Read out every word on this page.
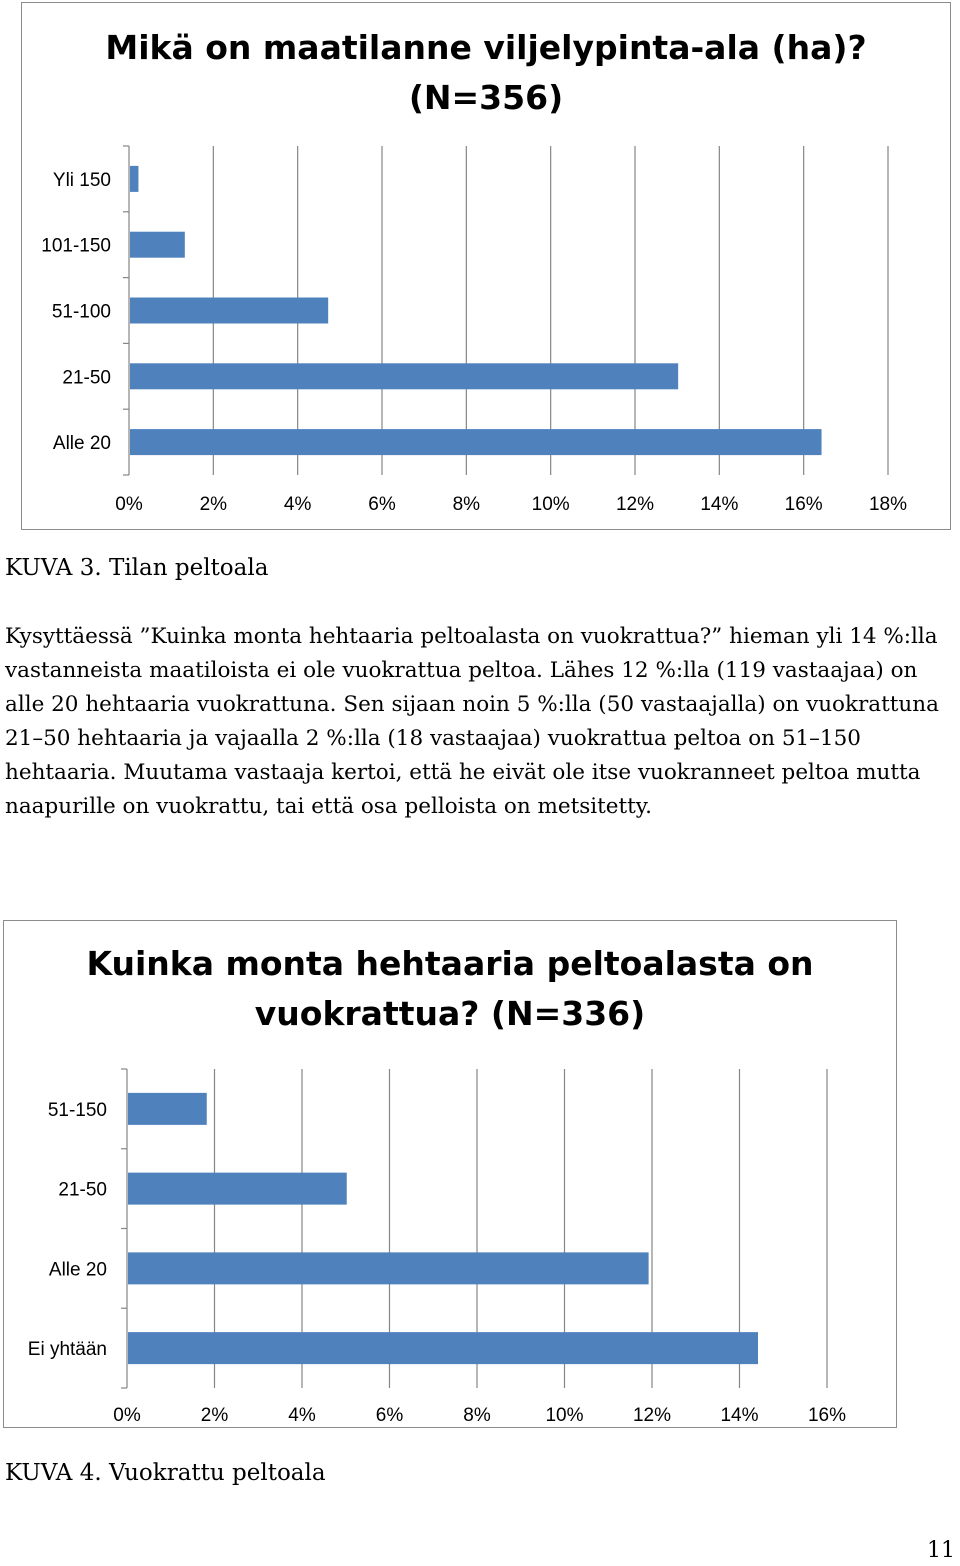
Mikä on maatilanne viljelypinta-ala (ha)?
(N=356)
0%	2%	4%	6%	8%	10% 12% 14% 16% 18%
Yli 150
101-150
51-100
21-50
Alle 20
KUVA 3. Tilan peltoala

Kysyttäessä ”Kuinka monta hehtaaria peltoalasta on vuokrattua?” hieman yli 14 %:lla vastanneista maatiloista ei ole vuokrattua peltoa. Lähes 12 %:lla (119 vastaajaa) on alle 20 hehtaaria vuokrattuna. Sen sijaan noin 5 %:lla (50 vastaajalla) on vuokrattuna 21–50 hehtaaria ja vajaalla 2 %:lla (18 vastaajaa) vuokrattua peltoa on 51–150 hehtaaria. Muutama vastaaja kertoi, että he eivät ole itse vuokranneet peltoa mutta naapurille on vuokrattu, tai että osa pelloista on metsitetty.

Kuinka monta hehtaaria peltoalasta on
vuokrattua? (N=336)
0%	2%	4%	6%	8%	10%	12%	14%	16%
51-150
21-50
Alle 20
Ei yhtään
KUVA 4. Vuokrattu peltoala
11
